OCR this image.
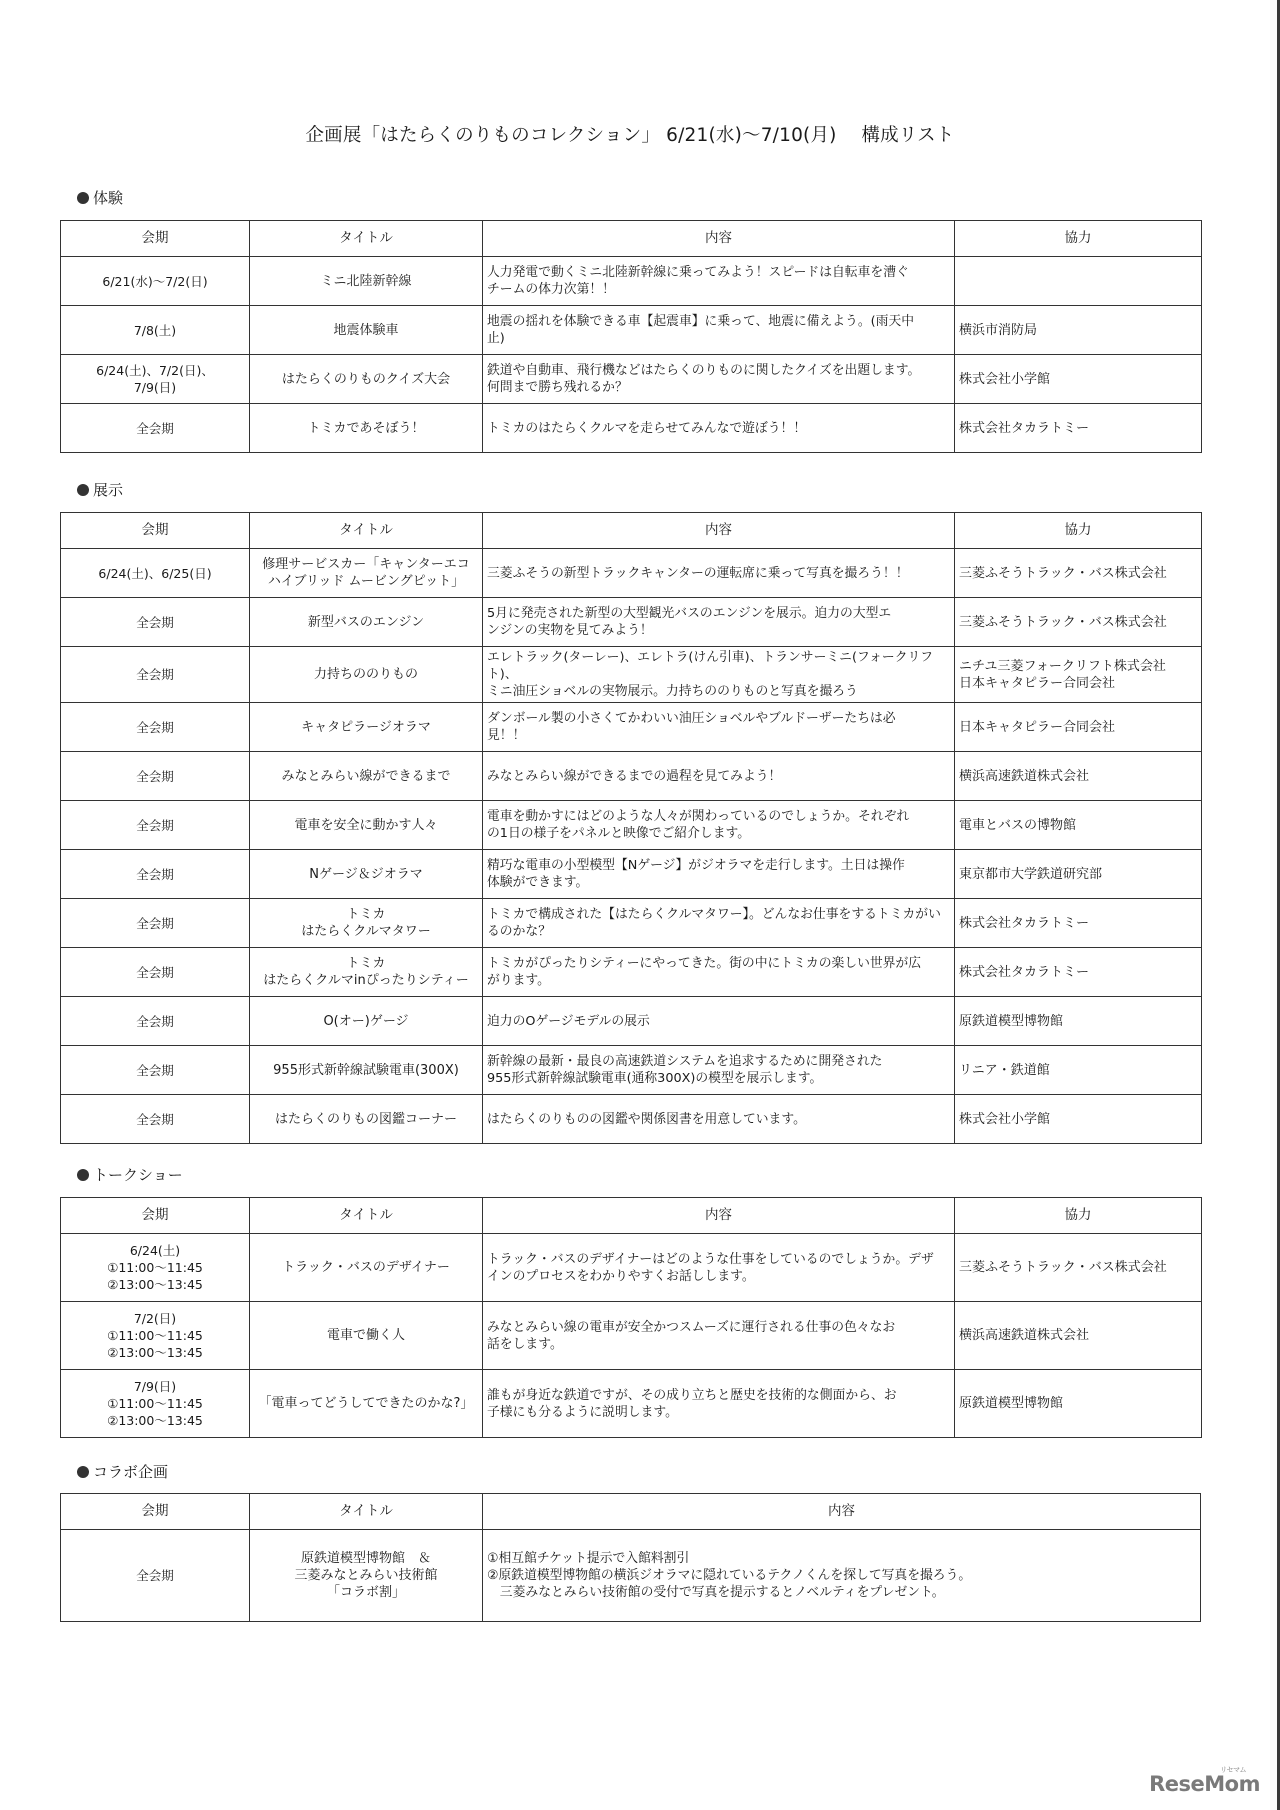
企画展「はたらくのりものコレクション」 6/21(水)～7/10(月)　 構成リスト
体験
会期	タイトル	内容	協力

6/21(水)～7/2(日)	ミニ北陸新幹線	人力発電で動くミニ北陸新幹線に乗ってみよう！スピードは自転車を漕ぐ
チームの体力次第！！	

7/8(土)	地震体験車	地震の揺れを体験できる車【起震車】に乗って、地震に備えよう。(雨天中
止)	横浜市消防局

6/24(土)、7/2(日)、
7/9(日)	はたらくのりものクイズ大会	鉄道や自動車、飛行機などはたらくのりものに関したクイズを出題します。
何問まで勝ち残れるか？	株式会社小学館

全会期	トミカであそぼう！	トミカのはたらくクルマを走らせてみんなで遊ぼう！！	株式会社タカラトミー
展示
会期	タイトル	内容	協力

6/24(土)、6/25(日)	修理サービスカー「キャンターエコ
ハイブリッド ムービングピット」	三菱ふそうの新型トラックキャンターの運転席に乗って写真を撮ろう！！	三菱ふそうトラック・バス株式会社

全会期	新型バスのエンジン	5月に発売された新型の大型観光バスのエンジンを展示。迫力の大型エ
ンジンの実物を見てみよう！	三菱ふそうトラック・バス株式会社

全会期	力持ちののりもの	エレトラック(ターレー)、エレトラ(けん引車)、トランサーミニ(フォークリフト)、
ミニ油圧ショベルの実物展示。力持ちののりものと写真を撮ろう	ニチユ三菱フォークリフト株式会社
日本キャタピラー合同会社

全会期	キャタピラージオラマ	ダンボール製の小さくてかわいい油圧ショベルやブルドーザーたちは必
見！！	日本キャタピラー合同会社

全会期	みなとみらい線ができるまで	みなとみらい線ができるまでの過程を見てみよう！	横浜高速鉄道株式会社

全会期	電車を安全に動かす人々	電車を動かすにはどのような人々が関わっているのでしょうか。それぞれ
の1日の様子をパネルと映像でご紹介します。	電車とバスの博物館

全会期	Nゲージ＆ジオラマ	精巧な電車の小型模型【Nゲージ】がジオラマを走行します。土日は操作
体験ができます。	東京都市大学鉄道研究部

全会期	トミカ
はたらくクルマタワー	トミカで構成された【はたらくクルマタワー】。どんなお仕事をするトミカがい
るのかな？	株式会社タカラトミー

全会期	トミカ
はたらくクルマinぴったりシティー	トミカがぴったりシティーにやってきた。街の中にトミカの楽しい世界が広
がります。	株式会社タカラトミー

全会期	O(オー)ゲージ	迫力のOゲージモデルの展示	原鉄道模型博物館

全会期	955形式新幹線試験電車(300X)	新幹線の最新・最良の高速鉄道システムを追求するために開発された
955形式新幹線試験電車(通称300X)の模型を展示します。	リニア・鉄道館

全会期	はたらくのりもの図鑑コーナー	はたらくのりものの図鑑や関係図書を用意しています。	株式会社小学館
トークショー
会期	タイトル	内容	協力

6/24(土)
①11:00～11:45
②13:00～13:45	トラック・バスのデザイナー	トラック・バスのデザイナーはどのような仕事をしているのでしょうか。デザ
インのプロセスをわかりやすくお話しします。	三菱ふそうトラック・バス株式会社

7/2(日)
①11:00～11:45
②13:00～13:45	電車で働く人	みなとみらい線の電車が安全かつスムーズに運行される仕事の色々なお
話をします。	横浜高速鉄道株式会社

7/9(日)
①11:00～11:45
②13:00～13:45	「電車ってどうしてできたのかな?」	誰もが身近な鉄道ですが、その成り立ちと歴史を技術的な側面から、お
子様にも分るように説明します。	原鉄道模型博物館
コラボ企画
会期	タイトル	内容

全会期	原鉄道模型博物館　＆
三菱みなとみらい技術館
「コラボ割」	①相互館チケット提示で入館料割引
②原鉄道模型博物館の横浜ジオラマに隠れているテクノくんを探して写真を撮ろう。
　三菱みなとみらい技術館の受付で写真を提示するとノベルティをプレゼント。
リセマム
ReseMom
